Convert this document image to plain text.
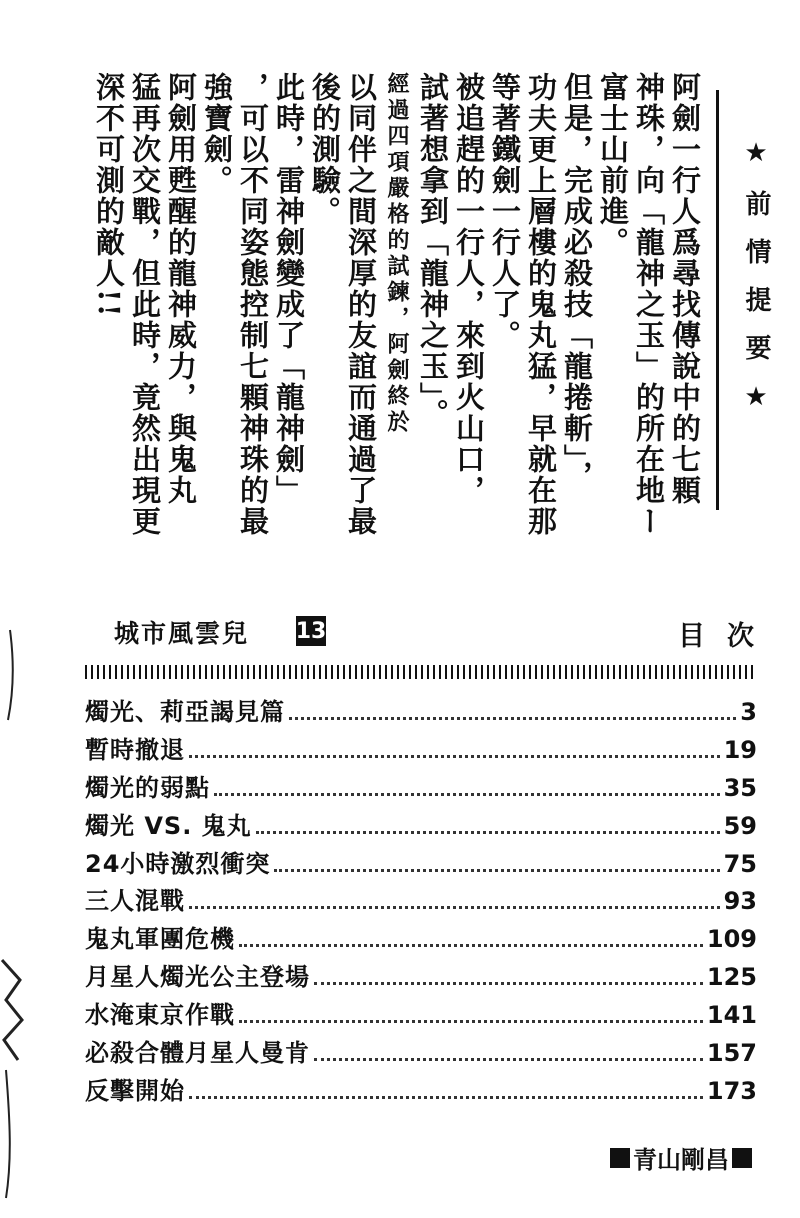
★前情提要★
阿劍一行人爲尋找傳說中的七顆
神珠，向「龍神之玉」的所在地ー
富士山前進。
但是，完成必殺技「龍捲斬」，
功夫更上層樓的鬼丸猛，早就在那
等著鐵劍一行人了。
被追趕的一行人，來到火山口，
試著想拿到「龍神之玉」。
經過四項嚴格的試鍊，阿劍終於
以同伴之間深厚的友誼而通過了最
後的測驗。
此時，雷神劍變成了「龍神劍」
，可以不同姿態控制七顆神珠的最
強寶劍。
阿劍用甦醒的龍神威力，與鬼丸
猛再次交戰，但此時，竟然出現更
深不可測的敵人!!
城市風雲兒 13	目次
燭光、莉亞謁見篇	3
暫時撤退	19
燭光的弱點	35
燭光 VS. 鬼丸	59
24小時激烈衝突	75
三人混戰	93
鬼丸軍團危機	109
月星人燭光公主登場	125
水淹東京作戰	141
必殺合體月星人曼肯	157
反擊開始	173
青山剛昌
